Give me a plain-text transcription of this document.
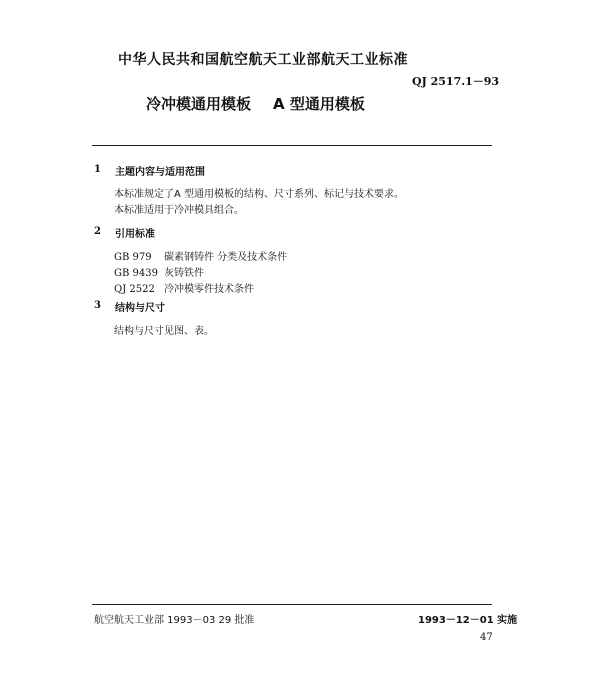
中华人民共和国航空航天工业部航天工业标准
QJ 2517.1－93
冷冲模通用模板 A 型通用模板
1 主题内容与适用范围
本标准规定了A 型通用模板的结构、尺寸系列、标记与技术要求。
本标准适用于冷冲模具组合。
2 引用标准
GB 979 碳素钢铸件 分类及技术条件
GB 9439 灰铸铁件
QJ 2522 冷冲模零件技术条件
3 结构与尺寸
结构与尺寸见图、表。
航空航天工业部 1993－03 29 批准	1993－12－01 实施
47
